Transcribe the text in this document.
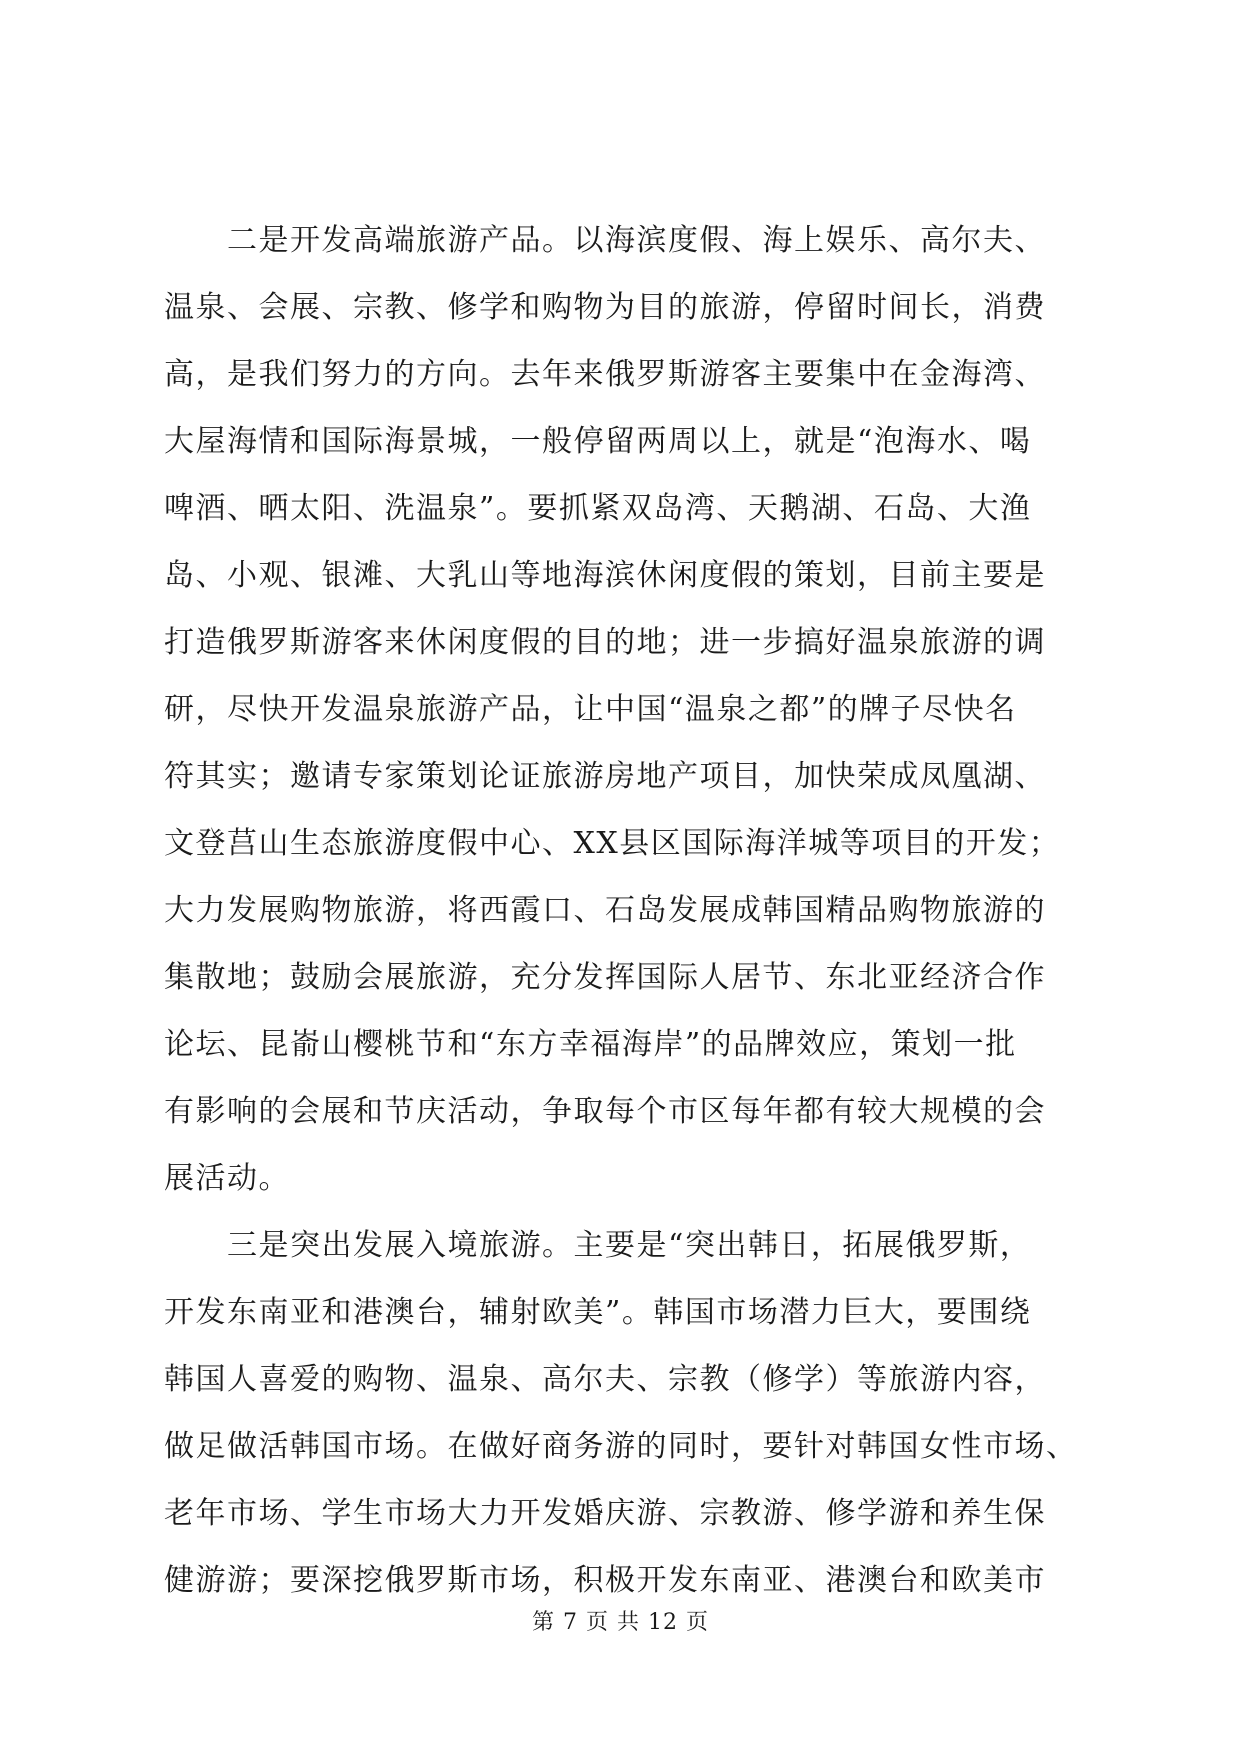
二是开发高端旅游产品。以海滨度假、海上娱乐、高尔夫、
温泉、会展、宗教、修学和购物为目的旅游，停留时间长，消费
高，是我们努力的方向。去年来俄罗斯游客主要集中在金海湾、
大屋海情和国际海景城，一般停留两周以上，就是“泡海水、喝
啤酒、晒太阳、洗温泉”。要抓紧双岛湾、天鹅湖、石岛、大渔
岛、小观、银滩、大乳山等地海滨休闲度假的策划，目前主要是
打造俄罗斯游客来休闲度假的目的地；进一步搞好温泉旅游的调
研，尽快开发温泉旅游产品，让中国“温泉之都”的牌子尽快名
符其实；邀请专家策划论证旅游房地产项目，加快荣成凤凰湖、
文登莒山生态旅游度假中心、XX县区国际海洋城等项目的开发；
大力发展购物旅游，将西霞口、石岛发展成韩国精品购物旅游的
集散地；鼓励会展旅游，充分发挥国际人居节、东北亚经济合作
论坛、昆嵛山樱桃节和“东方幸福海岸”的品牌效应，策划一批
有影响的会展和节庆活动，争取每个市区每年都有较大规模的会
展活动。
三是突出发展入境旅游。主要是“突出韩日，拓展俄罗斯，
开发东南亚和港澳台，辅射欧美”。韩国市场潜力巨大，要围绕
韩国人喜爱的购物、温泉、高尔夫、宗教（修学）等旅游内容，
做足做活韩国市场。在做好商务游的同时，要针对韩国女性市场、
老年市场、学生市场大力开发婚庆游、宗教游、修学游和养生保
健游游；要深挖俄罗斯市场，积极开发东南亚、港澳台和欧美市
第 7 页 共 12 页
